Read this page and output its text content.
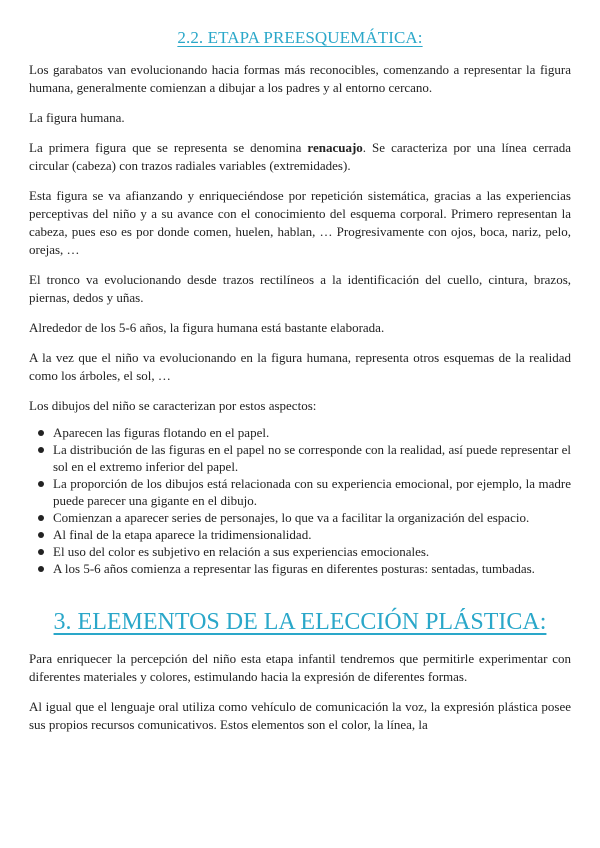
2.2. ETAPA PREESQUEMÁTICA:

Los garabatos van evolucionando hacia formas más reconocibles, comenzando a representar la figura humana, generalmente comienzan a dibujar a los padres y al entorno cercano.

La figura humana.

La primera figura que se representa se denomina renacuajo. Se caracteriza por una línea cerrada circular (cabeza) con trazos radiales variables (extremidades).

Esta figura se va afianzando y enriqueciéndose por repetición sistemática, gracias a las experiencias perceptivas del niño y a su avance con el conocimiento del esquema corporal. Primero representan la cabeza, pues eso es por donde comen, huelen, hablan, … Progresivamente con ojos, boca, nariz, pelo, orejas, …

El tronco va evolucionando desde trazos rectilíneos a la identificación del cuello, cintura, brazos, piernas, dedos y uñas.

Alrededor de los 5-6 años, la figura humana está bastante elaborada.

A la vez que el niño va evolucionando en la figura humana, representa otros esquemas de la realidad como los árboles, el sol, …

Los dibujos del niño se caracterizan por estos aspectos:

Aparecen las figuras flotando en el papel.
La distribución de las figuras en el papel no se corresponde con la realidad, así puede representar el sol en el extremo inferior del papel.
La proporción de los dibujos está relacionada con su experiencia emocional, por ejemplo, la madre puede parecer una gigante en el dibujo.
Comienzan a aparecer series de personajes, lo que va a facilitar la organización del espacio.
Al final de la etapa aparece la tridimensionalidad.
El uso del color es subjetivo en relación a sus experiencias emocionales.
A los 5-6 años comienza a representar las figuras en diferentes posturas: sentadas, tumbadas.
3. ELEMENTOS DE LA ELECCIÓN PLÁSTICA:

Para enriquecer la percepción del niño esta etapa infantil tendremos que permitirle experimentar con diferentes materiales y colores, estimulando hacia la expresión de diferentes formas.

Al igual que el lenguaje oral utiliza como vehículo de comunicación la voz, la expresión plástica posee sus propios recursos comunicativos. Estos elementos son el color, la línea, la
